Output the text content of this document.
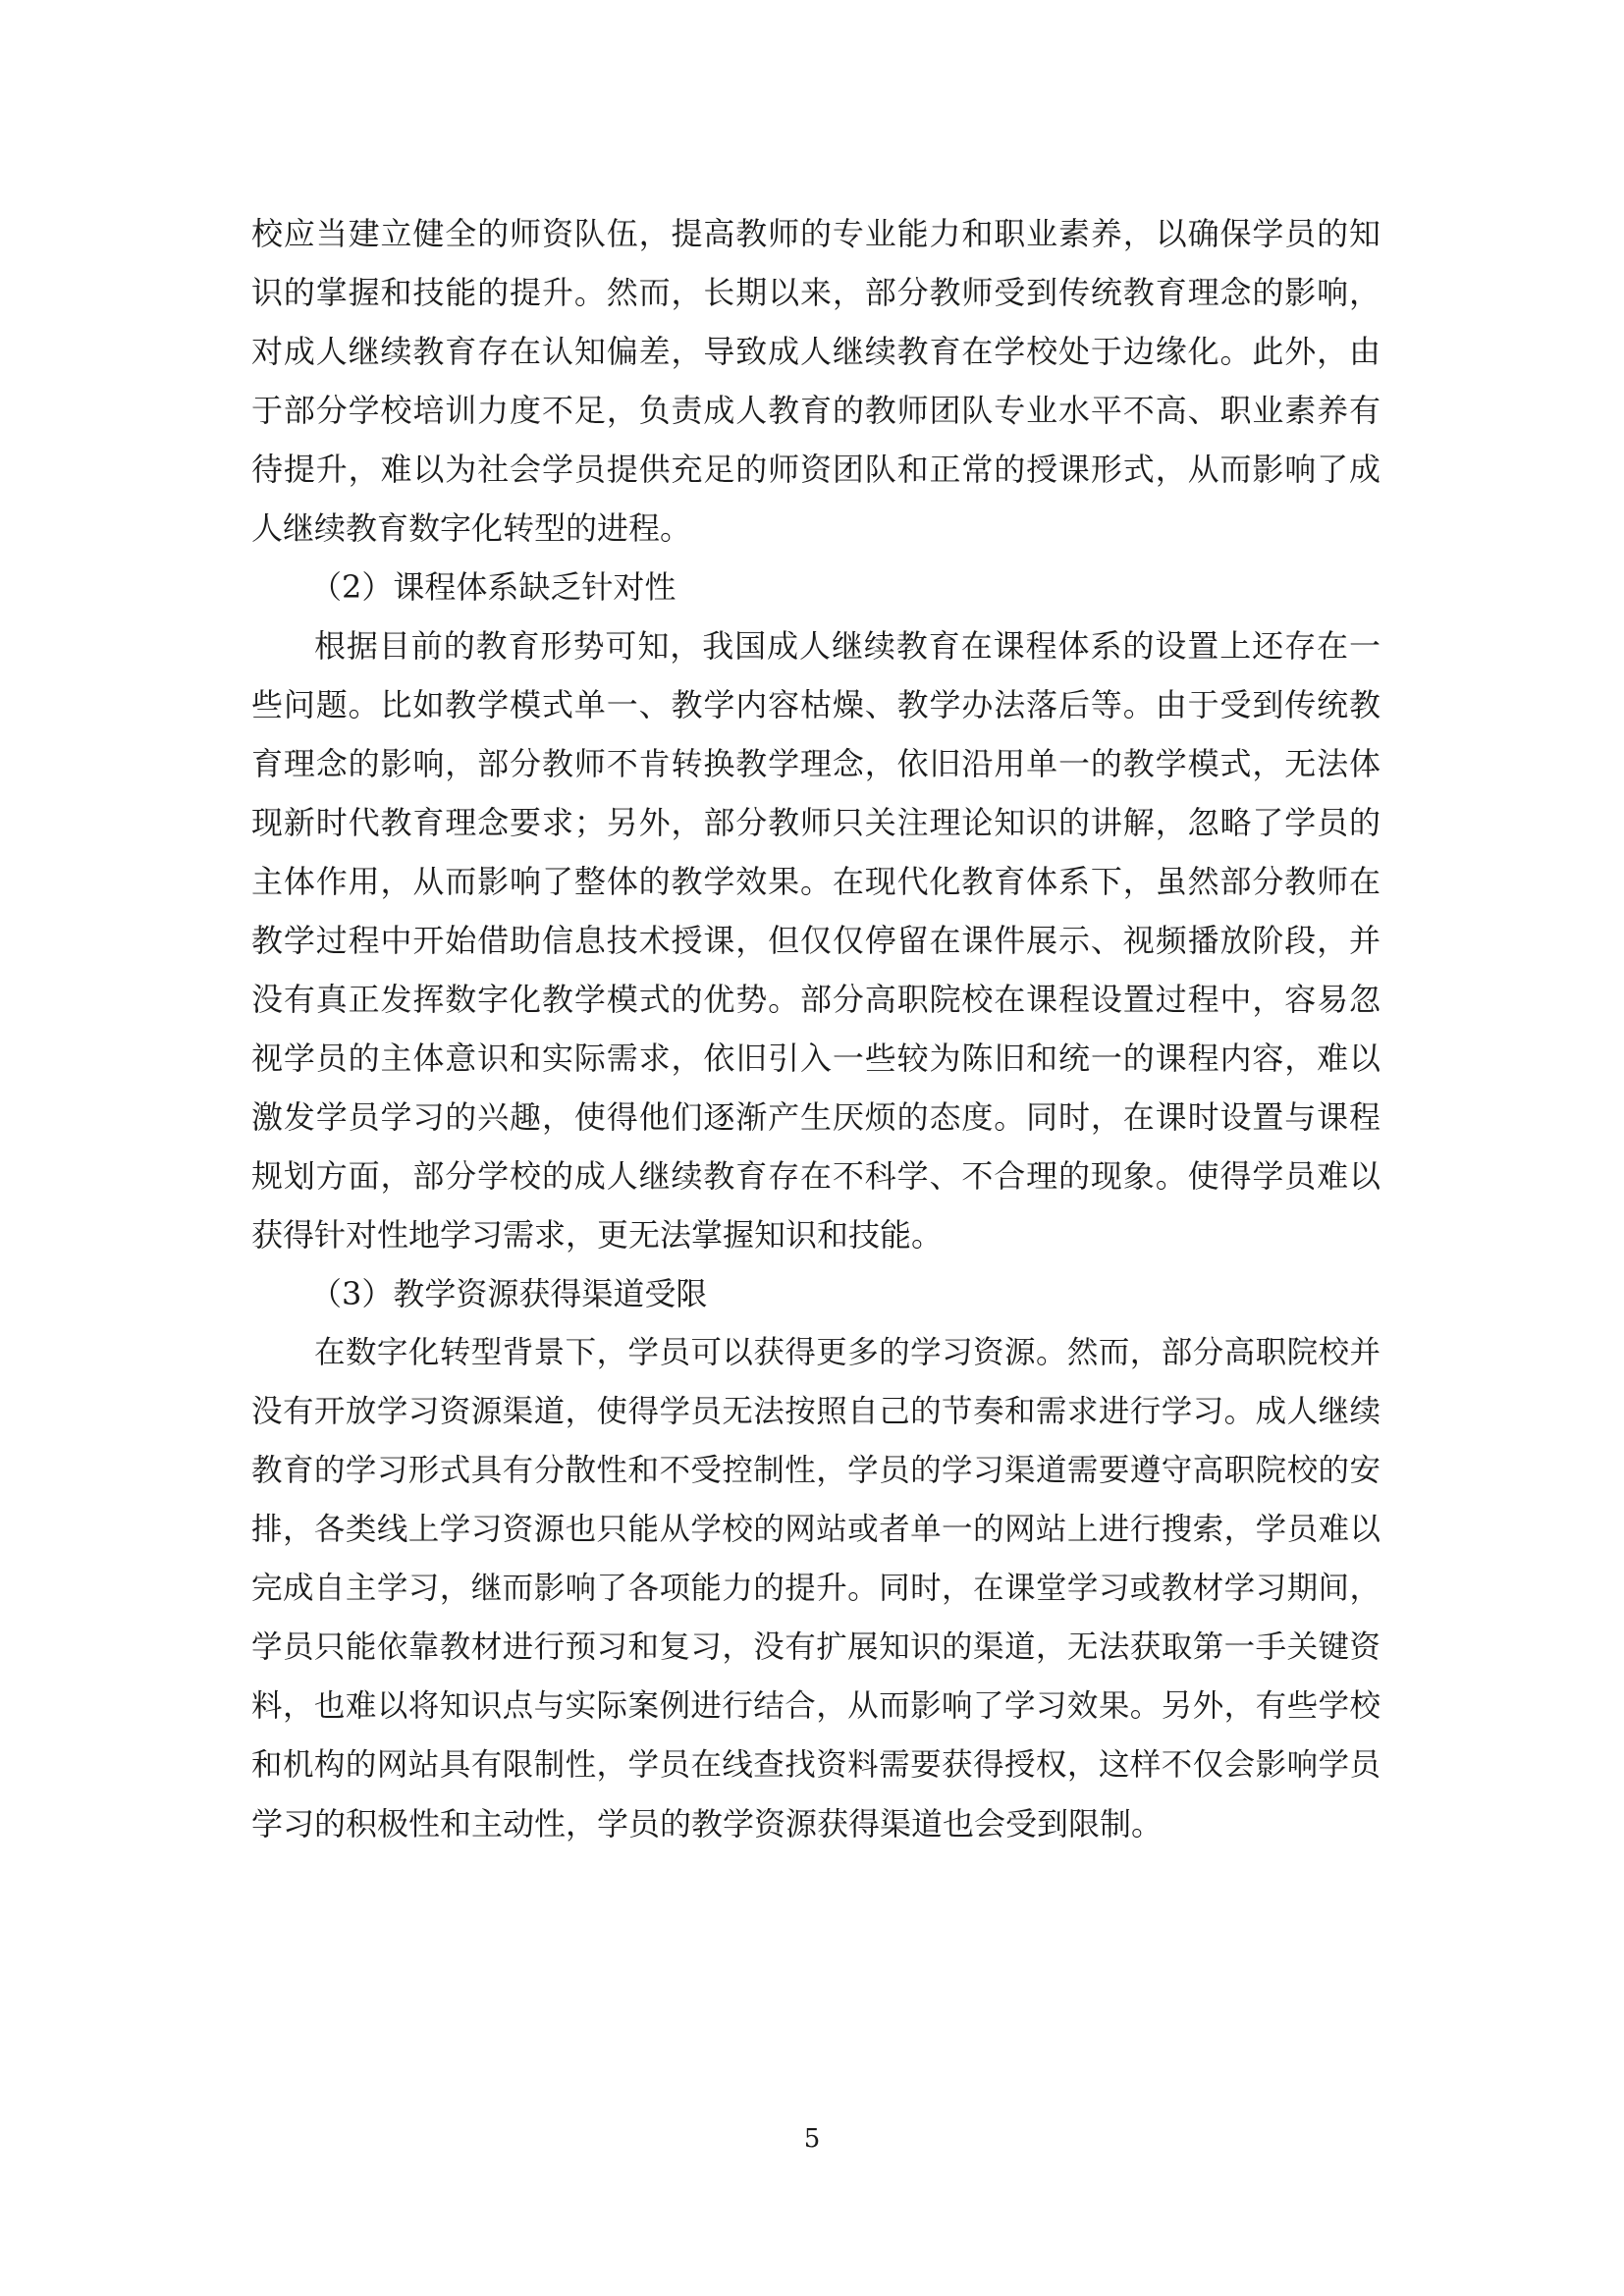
校应当建立健全的师资队伍，提高教师的专业能力和职业素养，以确保学员的知
识的掌握和技能的提升。然而，长期以来，部分教师受到传统教育理念的影响，
对成人继续教育存在认知偏差，导致成人继续教育在学校处于边缘化。此外，由
于部分学校培训力度不足，负责成人教育的教师团队专业水平不高、职业素养有
待提升，难以为社会学员提供充足的师资团队和正常的授课形式，从而影响了成
人继续教育数字化转型的进程。
（2）课程体系缺乏针对性
根据目前的教育形势可知，我国成人继续教育在课程体系的设置上还存在一
些问题。比如教学模式单一、教学内容枯燥、教学办法落后等。由于受到传统教
育理念的影响，部分教师不肯转换教学理念，依旧沿用单一的教学模式，无法体
现新时代教育理念要求；另外，部分教师只关注理论知识的讲解，忽略了学员的
主体作用，从而影响了整体的教学效果。在现代化教育体系下，虽然部分教师在
教学过程中开始借助信息技术授课，但仅仅停留在课件展示、视频播放阶段，并
没有真正发挥数字化教学模式的优势。部分高职院校在课程设置过程中，容易忽
视学员的主体意识和实际需求，依旧引入一些较为陈旧和统一的课程内容，难以
激发学员学习的兴趣，使得他们逐渐产生厌烦的态度。同时，在课时设置与课程
规划方面，部分学校的成人继续教育存在不科学、不合理的现象。使得学员难以
获得针对性地学习需求，更无法掌握知识和技能。
（3）教学资源获得渠道受限
在数字化转型背景下，学员可以获得更多的学习资源。然而，部分高职院校并
没有开放学习资源渠道，使得学员无法按照自己的节奏和需求进行学习。成人继续
教育的学习形式具有分散性和不受控制性，学员的学习渠道需要遵守高职院校的安
排，各类线上学习资源也只能从学校的网站或者单一的网站上进行搜索，学员难以
完成自主学习，继而影响了各项能力的提升。同时，在课堂学习或教材学习期间，
学员只能依靠教材进行预习和复习，没有扩展知识的渠道，无法获取第一手关键资
料，也难以将知识点与实际案例进行结合，从而影响了学习效果。另外，有些学校
和机构的网站具有限制性，学员在线查找资料需要获得授权，这样不仅会影响学员
学习的积极性和主动性，学员的教学资源获得渠道也会受到限制。
5
